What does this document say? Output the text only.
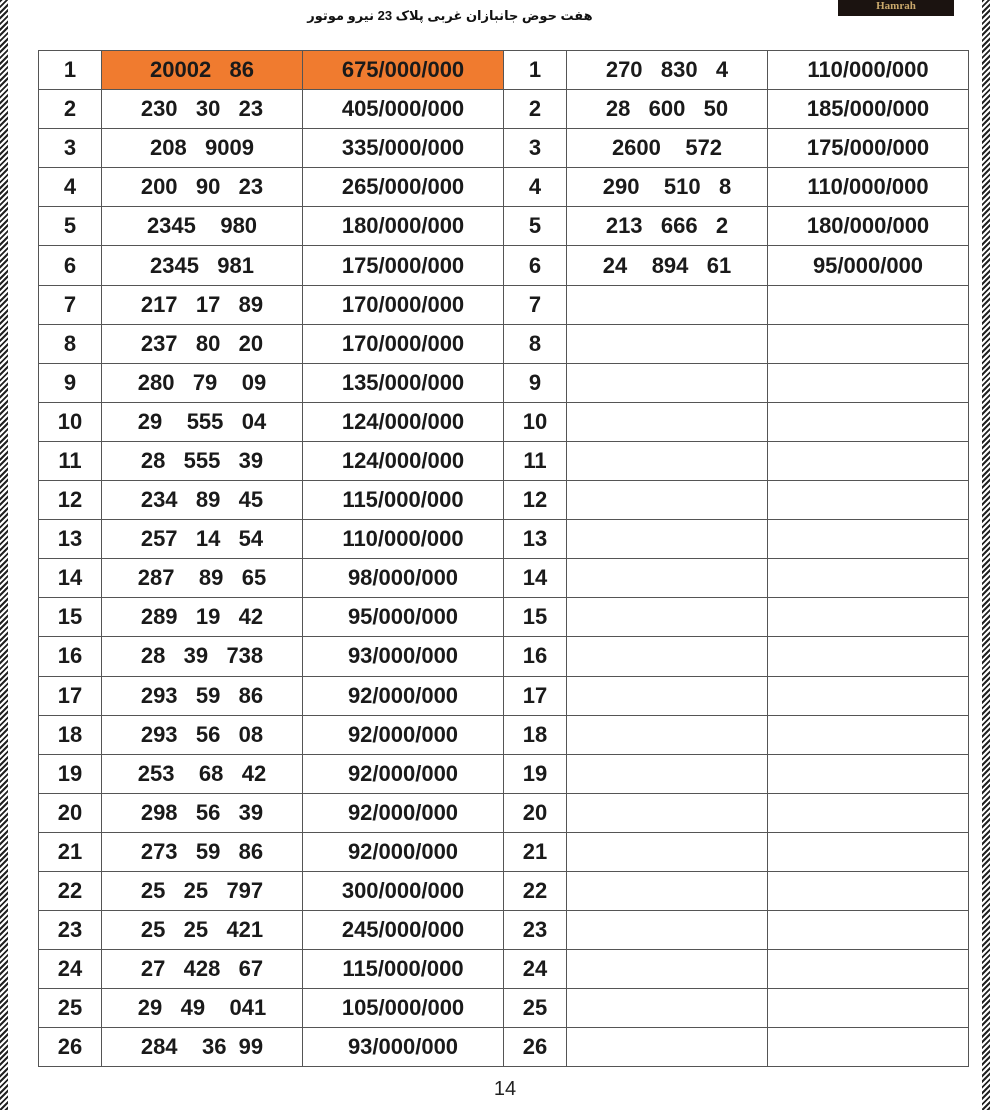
Hamrah
هفت حوض جانبازان غربی پلاک 23 نیرو موتور
1	20002   86	675/000/000	1	270   830   4	110/000/000
2	230   30   23	405/000/000	2	28   600   50	185/000/000
3	208   9009	335/000/000	3	2600    572	175/000/000
4	200   90   23	265/000/000	4	290    510   8	110/000/000
5	2345    980	180/000/000	5	213   666   2	180/000/000
6	2345   981	175/000/000	6	24    894   61	95/000/000
7	217   17   89	170/000/000	7		
8	237   80   20	170/000/000	8		
9	280   79    09	135/000/000	9		
10	29    555   04	124/000/000	10		
11	28   555   39	124/000/000	11		
12	234   89   45	115/000/000	12		
13	257   14   54	110/000/000	13		
14	287    89   65	98/000/000	14		
15	289   19   42	95/000/000	15		
16	28   39   738	93/000/000	16		
17	293   59   86	92/000/000	17		
18	293   56   08	92/000/000	18		
19	253    68   42	92/000/000	19		
20	298   56   39	92/000/000	20		
21	273   59   86	92/000/000	21		
22	25   25   797	300/000/000	22		
23	25   25   421	245/000/000	23		
24	27   428   67	115/000/000	24		
25	29   49    041	105/000/000	25		
26	284    36  99	93/000/000	26		
14
